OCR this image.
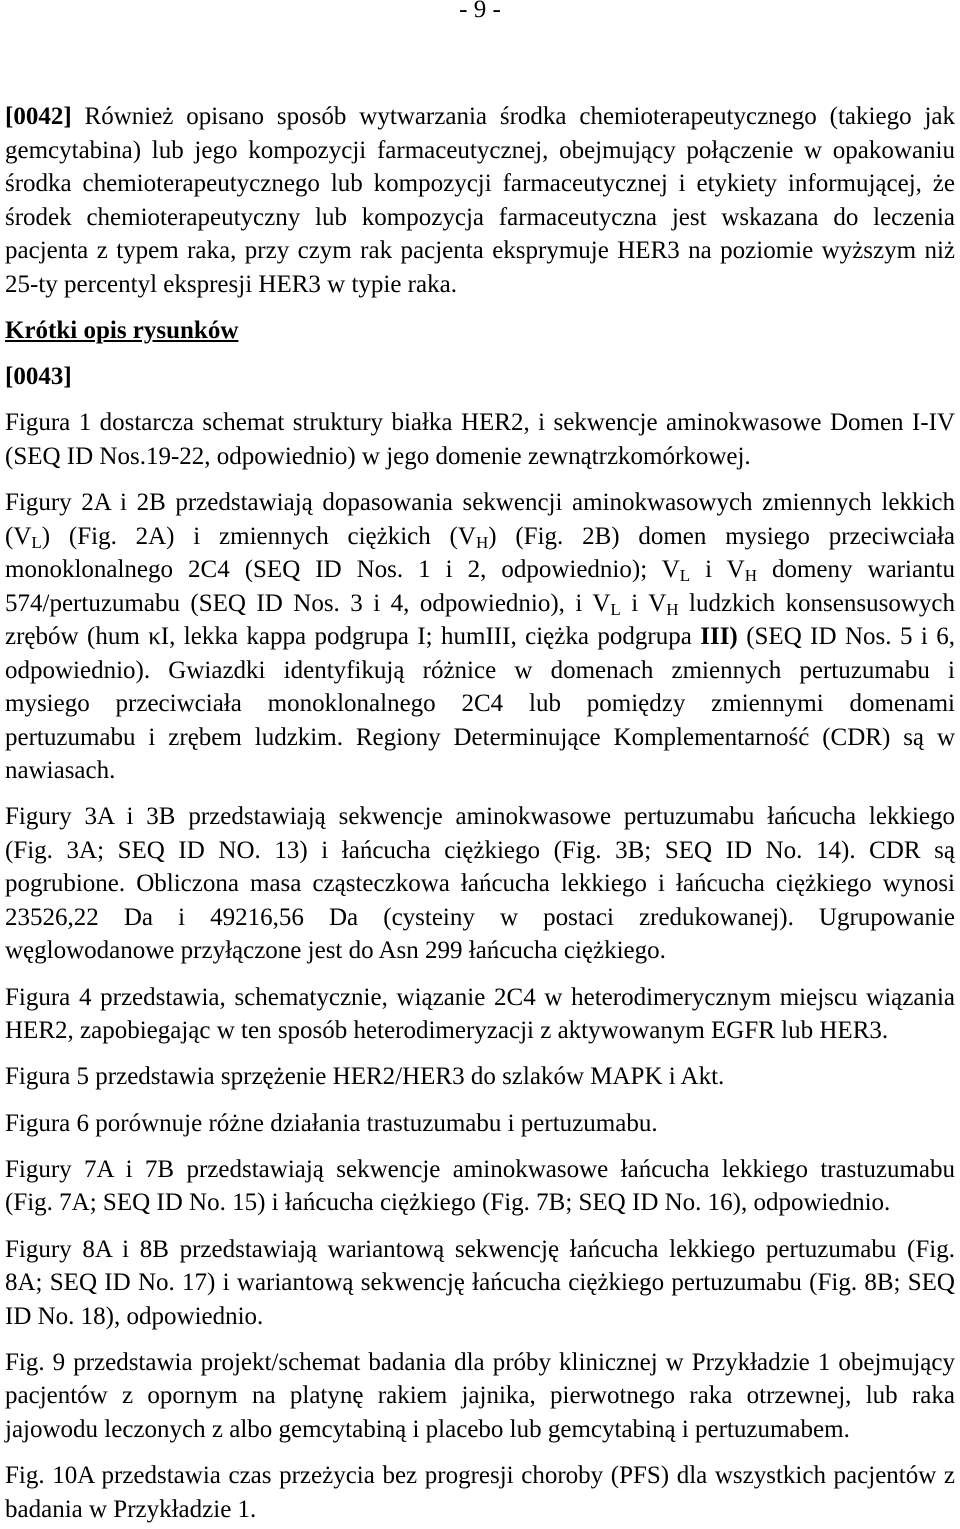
- 9 -
[0042] Również opisano sposób wytwarzania środka chemioterapeutycznego (takiego jak
gemcytabina) lub jego kompozycji farmaceutycznej, obejmujący połączenie w opakowaniu
środka chemioterapeutycznego lub kompozycji farmaceutycznej i etykiety informującej, że
środek chemioterapeutyczny lub kompozycja farmaceutyczna jest wskazana do leczenia
pacjenta z typem raka, przy czym rak pacjenta eksprymuje HER3 na poziomie wyższym niż
25-ty percentyl ekspresji HER3 w typie raka.
Krótki opis rysunków
[0043]
Figura 1 dostarcza schemat struktury białka HER2, i sekwencje aminokwasowe Domen I-IV
(SEQ ID Nos.19-22, odpowiednio) w jego domenie zewnątrzkomórkowej.
Figury 2A i 2B przedstawiają dopasowania sekwencji aminokwasowych zmiennych lekkich
$(V_L)$ (Fig. 2A) i zmiennych ciężkich $(V_H)$ (Fig. 2B) domen mysiego przeciwciała
monoklonalnego 2C4 (SEQ ID Nos. 1 i 2, odpowiednio); $V_L$ i $V_H$ domeny wariantu
574/pertuzumabu (SEQ ID Nos. 3 i 4, odpowiednio), i $V_L$ i $V_H$ ludzkich konsensusowych
zrębów (hum κI, lekka kappa podgrupa I; humIII, ciężka podgrupa III) (SEQ ID Nos. 5 i 6,
odpowiednio). Gwiazdki identyfikują różnice w domenach zmiennych pertuzumabu i
mysiego przeciwciała monoklonalnego 2C4 lub pomiędzy zmiennymi domenami
pertuzumabu i zrębem ludzkim. Regiony Determinujące Komplementarność (CDR) są w
nawiasach.
Figury 3A i 3B przedstawiają sekwencje aminokwasowe pertuzumabu łańcucha lekkiego
(Fig. 3A; SEQ ID NO. 13) i łańcucha ciężkiego (Fig. 3B; SEQ ID No. 14). CDR są
pogrubione. Obliczona masa cząsteczkowa łańcucha lekkiego i łańcucha ciężkiego wynosi
23526,22 Da i 49216,56 Da (cysteiny w postaci zredukowanej). Ugrupowanie
węglowodanowe przyłączone jest do Asn 299 łańcucha ciężkiego.
Figura 4 przedstawia, schematycznie, wiązanie 2C4 w heterodimerycznym miejscu wiązania
HER2, zapobiegając w ten sposób heterodimeryzacji z aktywowanym EGFR lub HER3.
Figura 5 przedstawia sprzężenie HER2/HER3 do szlaków MAPK i Akt.
Figura 6 porównuje różne działania trastuzumabu i pertuzumabu.
Figury 7A i 7B przedstawiają sekwencje aminokwasowe łańcucha lekkiego trastuzumabu
(Fig. 7A; SEQ ID No. 15) i łańcucha ciężkiego (Fig. 7B; SEQ ID No. 16), odpowiednio.
Figury 8A i 8B przedstawiają wariantową sekwencję łańcucha lekkiego pertuzumabu (Fig.
8A; SEQ ID No. 17) i wariantową sekwencję łańcucha ciężkiego pertuzumabu (Fig. 8B; SEQ
ID No. 18), odpowiednio.
Fig. 9 przedstawia projekt/schemat badania dla próby klinicznej w Przykładzie 1 obejmujący
pacjentów z opornym na platynę rakiem jajnika, pierwotnego raka otrzewnej, lub raka
jajowodu leczonych z albo gemcytabiną i placebo lub gemcytabiną i pertuzumabem.
Fig. 10A przedstawia czas przeżycia bez progresji choroby (PFS) dla wszystkich pacjentów z
badania w Przykładzie 1.
